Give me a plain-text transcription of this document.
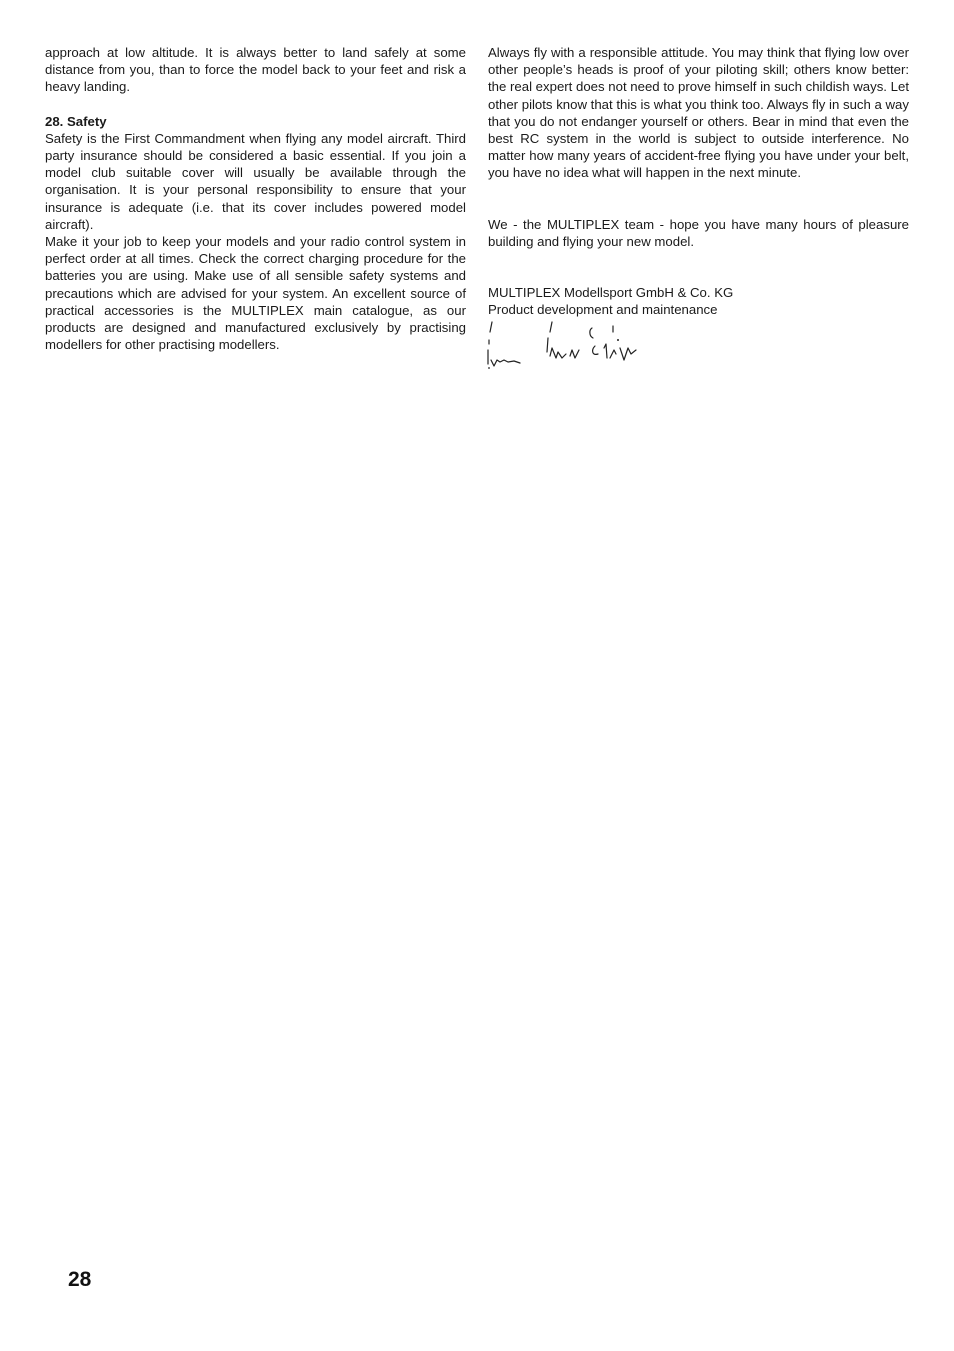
approach at low altitude. It is always better to land safely at some distance from you, than to force the model back to your feet and risk a heavy landing.

28. Safety

Safety is the First Commandment when flying any model aircraft. Third party insurance should be considered a basic essential. If you join a model club suitable cover will usually be available through the organisation. It is your personal responsibility to ensure that your insurance is adequate (i.e. that its cover includes powered model aircraft).

Make it your job to keep your models and your radio control system in perfect order at all times. Check the correct charging procedure for the batteries you are using. Make use of all sensible safety systems and precautions which are advised for your system. An excellent source of practical accessories is the MULTIPLEX main catalogue, as our products are designed and manufactured exclusively by practising modellers for other practising modellers.

Always fly with a responsible attitude. You may think that flying low over other people’s heads is proof of your piloting skill; others know better: the real expert does not need to prove himself in such childish ways. Let other pilots know that this is what you think too. Always fly in such a way that you do not endanger yourself or others. Bear in mind that even the best RC system in the world is subject to outside interference. No matter how many years of accident-free flying you have under your belt, you have no idea what will happen in the next minute.

We - the MULTIPLEX team - hope you have many hours of pleasure building and flying your new model.

MULTIPLEX Modellsport GmbH & Co. KG

Product development and maintenance

28
